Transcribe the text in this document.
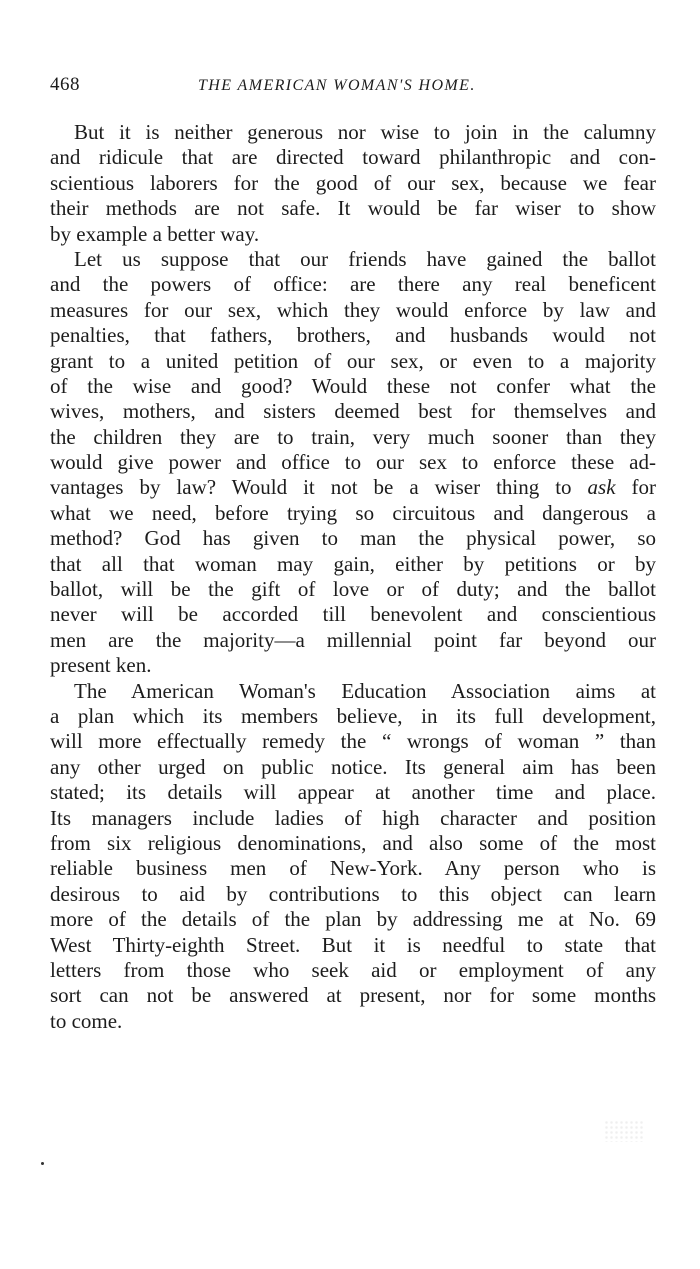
468	THE AMERICAN WOMAN'S HOME.
But it is neither generous nor wise to join in the calumny
and ridicule that are directed toward philanthropic and con-
scientious laborers for the good of our sex, because we fear
their methods are not safe. It would be far wiser to show
by example a better way.
Let us suppose that our friends have gained the ballot
and the powers of office: are there any real beneficent
measures for our sex, which they would enforce by law and
penalties, that fathers, brothers, and husbands would not
grant to a united petition of our sex, or even to a majority
of the wise and good? Would these not confer what the
wives, mothers, and sisters deemed best for themselves and
the children they are to train, very much sooner than they
would give power and office to our sex to enforce these ad-
vantages by law? Would it not be a wiser thing to ask for
what we need, before trying so circuitous and dangerous a
method? God has given to man the physical power, so
that all that woman may gain, either by petitions or by
ballot, will be the gift of love or of duty; and the ballot
never will be accorded till benevolent and conscientious
men are the majority—a millennial point far beyond our
present ken.
The American Woman's Education Association aims at
a plan which its members believe, in its full development,
will more effectually remedy the “ wrongs of woman ” than
any other urged on public notice. Its general aim has been
stated; its details will appear at another time and place.
Its managers include ladies of high character and position
from six religious denominations, and also some of the most
reliable business men of New-York. Any person who is
desirous to aid by contributions to this object can learn
more of the details of the plan by addressing me at No. 69
West Thirty-eighth Street. But it is needful to state that
letters from those who seek aid or employment of any
sort can not be answered at present, nor for some months
to come.
